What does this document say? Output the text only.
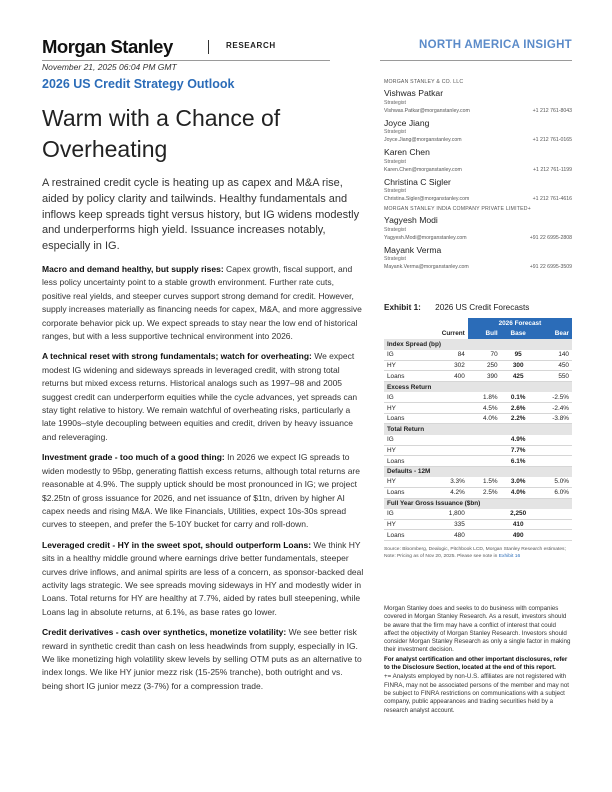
Morgan Stanley	RESEARCH	NORTH AMERICA INSIGHT
November 21, 2025 06:04 PM GMT
2026 US Credit Strategy Outlook
Warm with a Chance of Overheating
A restrained credit cycle is heating up as capex and M&A rise, aided by policy clarity and tailwinds. Healthy fundamentals and inflows keep spreads tight versus history, but IG widens modestly and underperforms high yield. Issuance increases notably, especially in IG.
Macro and demand healthy, but supply rises: Capex growth, fiscal support, and less policy uncertainty point to a stable growth environment. Further rate cuts, positive real yields, and steeper curves support strong demand for credit. However, supply increases materially as financing needs for capex, M&A, and more aggressive corporate behavior pick up. We expect spreads to stay near the low end of historical ranges, but with a less supportive technical environment into 2026.
A technical reset with strong fundamentals; watch for overheating: We expect modest IG widening and sideways spreads in leveraged credit, with strong total returns but mixed excess returns. Historical analogs such as 1997–98 and 2005 suggest credit can underperform equities while the cycle advances, yet spreads can stay tight relative to history. We remain watchful of overheating risks, particularly a late 1990s–style decoupling between equities and credit, driven by heavy issuance and releveraging.
Investment grade - too much of a good thing: In 2026 we expect IG spreads to widen modestly to 95bp, generating flattish excess returns, although total returns are reasonable at 4.9%. The supply uptick should be most pronounced in IG; we project $2.25tn of gross issuance for 2026, and net issuance of $1tn, driven by higher AI capex needs and rising M&A. We like Financials, Utilities, expect 10s-30s spread curves to steepen, and prefer the 5-10Y bucket for carry and roll-down.
Leveraged credit - HY in the sweet spot, should outperform Loans: We think HY sits in a healthy middle ground where earnings drive better fundamentals, steeper curves drive inflows, and animal spirits are less of a concern, as sponsor-backed deal activity lags strategic. We see spreads moving sideways in HY and modestly wider in Loans. Total returns for HY are healthy at 7.7%, aided by rates bull steepening, while Loans lag in absolute returns, at 6.1%, as base rates go lower.
Credit derivatives - cash over synthetics, monetize volatility: We see better risk reward in synthetic credit than cash on less headwinds from supply, especially in IG. We like monetizing high volatility skew levels by selling OTM puts as an alternative to index longs. We like HY junior mezz risk (15-25% tranche), both outright and vs. being short IG junior mezz (3-7%) for a compression trade.
MORGAN STANLEY & CO. LLC
Vishwas Patkar
Strategist
Vishwas.Patkar@morganstanley.com	+1 212 761-8043
Joyce Jiang
Strategist
Joyce.Jiang@morganstanley.com	+1 212 761-0165
Karen Chen
Strategist
Karen.Chen@morganstanley.com	+1 212 761-1199
Christina C Sigler
Strategist
Christina.Sigler@morganstanley.com	+1 212 761-4616
MORGAN STANLEY INDIA COMPANY PRIVATE LIMITED+
Yagyesh Modi
Strategist
Yagyesh.Modi@morganstanley.com	+91 22 6995-2808
Mayank Verma
Strategist
Mayank.Verma@morganstanley.com	+91 22 6995-3509
Exhibit 1: 2026 US Credit Forecasts
		2026 Forecast		
	Current	Bull	Base	Bear
Index Spread (bp)				
IG	84	70	95	140
HY	302	250	300	450
Loans	400	390	425	550
Excess Return				
IG		1.8%	0.1%	-2.5%
HY		4.5%	2.6%	-2.4%
Loans		4.0%	2.2%	-3.8%
Total Return				
IG			4.9%	
HY			7.7%	
Loans			6.1%	
Defaults - 12M				
HY	3.3%	1.5%	3.0%	5.0%
Loans	4.2%	2.5%	4.0%	6.0%
Full Year Gross Issuance ($bn)				
IG	1,800		2,250	
HY	335		410	
Loans	480		490	
Source: Bloomberg, Dealogic, Pitchbook LCD, Morgan Stanley Research estimates; Note: Pricing as of Nov 20, 2025. Please see note in Exhibit 16

Morgan Stanley does and seeks to do business with companies covered in Morgan Stanley Research. As a result, investors should be aware that the firm may have a conflict of interest that could affect the objectivity of Morgan Stanley Research. Investors should consider Morgan Stanley Research as only a single factor in making their investment decision.

For analyst certification and other important disclosures, refer to the Disclosure Section, located at the end of this report.

+= Analysts employed by non-U.S. affiliates are not registered with FINRA, may not be associated persons of the member and may not be subject to FINRA restrictions on communications with a subject company, public appearances and trading securities held by a research analyst account.
